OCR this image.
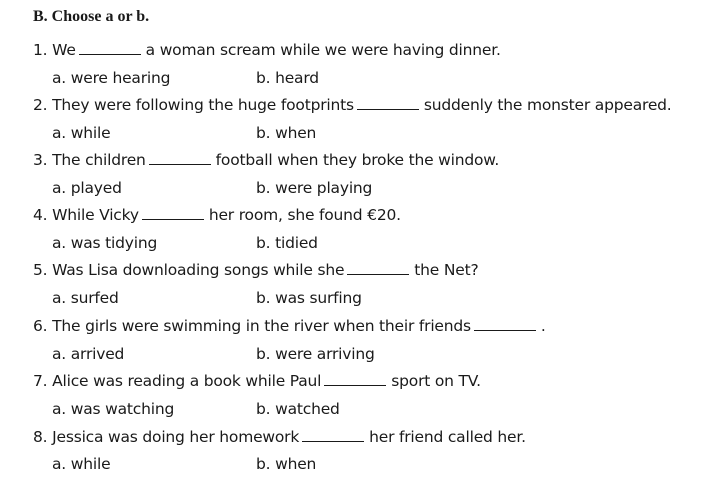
B. Choose a or b.
1. We	a woman scream while we were having dinner.
a. were hearing	b. heard
2. They were following the huge footprints	suddenly the monster appeared.
a. while	b. when
3. The children	football when they broke the window.
a. played	b. were playing
4. While Vicky	her room, she found €20.
a. was tidying	b. tidied
5. Was Lisa downloading songs while she	the Net?
a. surfed	b. was surfing
6. The girls were swimming in the river when their friends	.
a. arrived	b. were arriving
7. Alice was reading a book while Paul	sport on TV.
a. was watching	b. watched
8. Jessica was doing her homework	her friend called her.
a. while	b. when
